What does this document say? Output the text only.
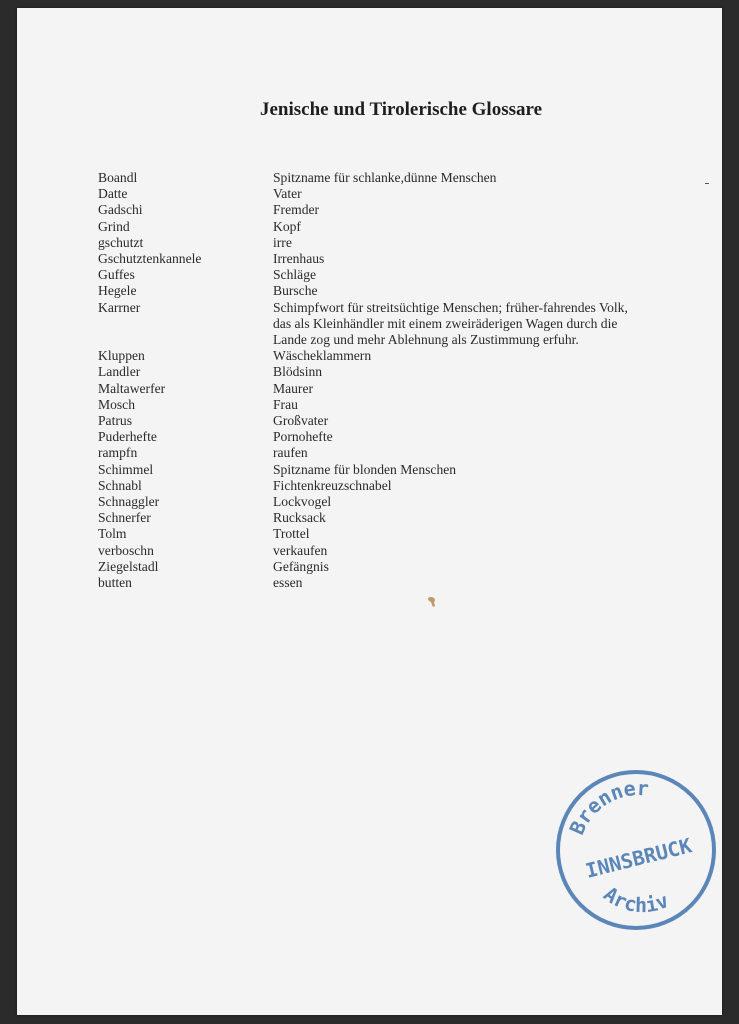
Jenische und Tirolerische Glossare
Boandl	Spitzname für schlanke,dünne Menschen
Datte	Vater
Gadschi	Fremder
Grind	Kopf
gschutzt	irre
Gschutztenkannele	Irrenhaus
Guffes	Schläge
Hegele	Bursche
Karrner	Schimpfwort für streitsüchtige Menschen; früher-fahrendes Volk, das als Kleinhändler mit einem zweiräderigen Wagen durch die Lande zog und mehr Ablehnung als Zustimmung erfuhr.
Kluppen	Wäscheklammern
Landler	Blödsinn
Maltawerfer	Maurer
Mosch	Frau
Patrus	Großvater
Puderhefte	Pornohefte
rampfn	raufen
Schimmel	Spitzname für blonden Menschen
Schnabl	Fichtenkreuzschnabel
Schnaggler	Lockvogel
Schnerfer	Rucksack
Tolm	Trottel
verboschn	verkaufen
Ziegelstadl	Gefängnis
butten	essen
Brenner
INNSBRUCK
Archiv
